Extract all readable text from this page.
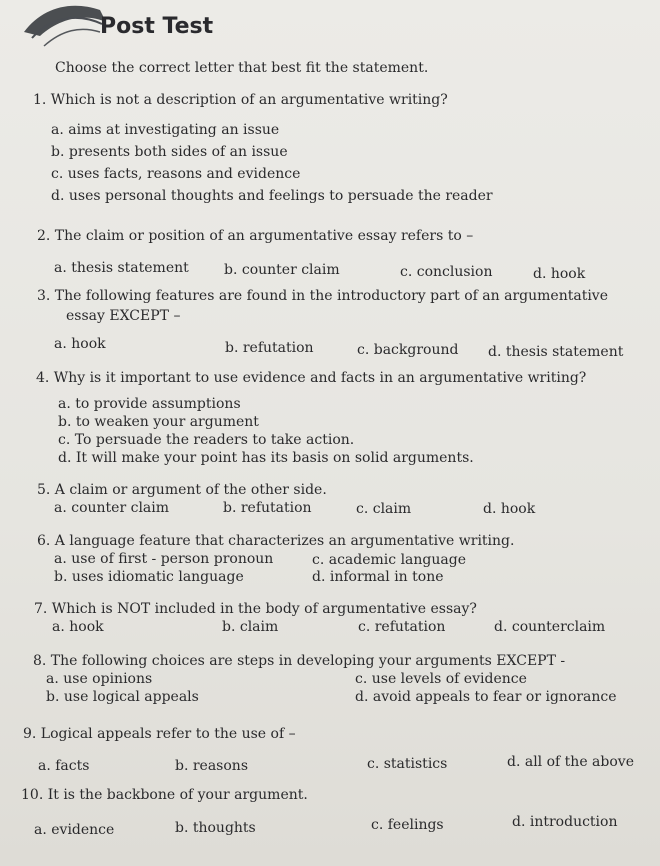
Post Test
Choose the correct letter that best fit the statement.
1. Which is not a description of an argumentative writing?
a. aims at investigating an issue
b. presents both sides of an issue
c. uses facts, reasons and evidence
d. uses personal thoughts and feelings to persuade the reader
2. The claim or position of an argumentative essay refers to –
a. thesis statement	b. counter claim	c. conclusion	d. hook
3. The following features are found in the introductory part of an argumentative
essay EXCEPT –
a. hook	b. refutation	c. background d. thesis statement
4. Why is it important to use evidence and facts in an argumentative writing?
a. to provide assumptions
b. to weaken your argument
c. To persuade the readers to take action.
d. It will make your point has its basis on solid arguments.
5. A claim or argument of the other side.
a. counter claim	b. refutation	c. claim	d. hook
6. A language feature that characterizes an argumentative writing.
a. use of first - person pronoun	c. academic language
b. uses idiomatic language	d. informal in tone
7. Which is NOT included in the body of argumentative essay?
a. hook	b. claim	c. refutation	d. counterclaim
8. The following choices are steps in developing your arguments EXCEPT -
a. use opinions	c. use levels of evidence
b. use logical appeals	d. avoid appeals to fear or ignorance
9. Logical appeals refer to the use of –
a. facts	b. reasons	c. statistics	d. all of the above
10. It is the backbone of your argument.
a. evidence	b. thoughts	c. feelings	d. introduction
